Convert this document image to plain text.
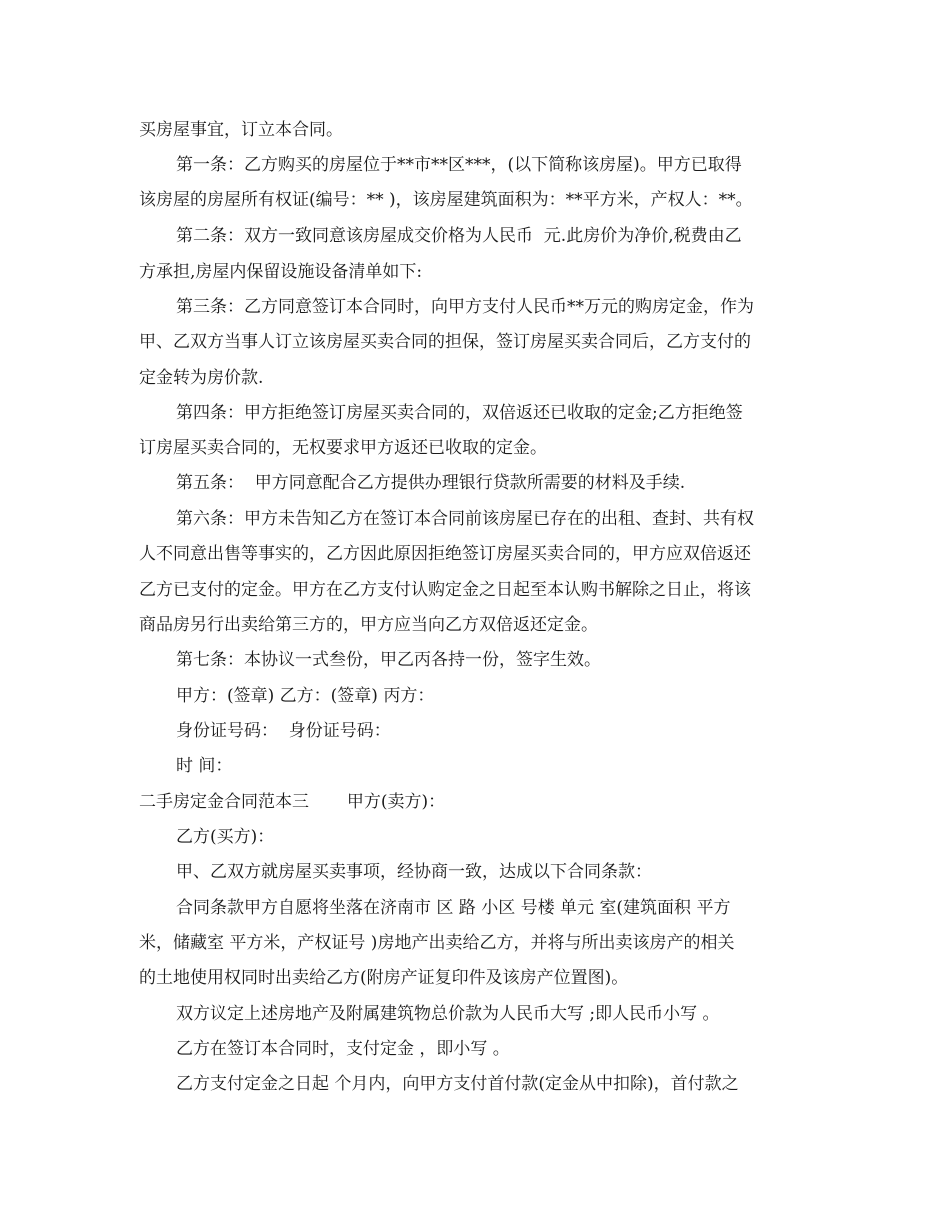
买房屋事宜，订立本合同。
第一条：乙方购买的房屋位于**市**区***，(以下简称该房屋)。甲方已取得
该房屋的房屋所有权证(编号：** )，该房屋建筑面积为：**平方米，产权人：**。
第二条：双方一致同意该房屋成交价格为人民币  元.此房价为净价,税费由乙
方承担,房屋内保留设施设备清单如下:
第三条：乙方同意签订本合同时，向甲方支付人民币**万元的购房定金，作为
甲、乙双方当事人订立该房屋买卖合同的担保，签订房屋买卖合同后，乙方支付的
定金转为房价款.
第四条：甲方拒绝签订房屋买卖合同的，双倍返还已收取的定金;乙方拒绝签
订房屋买卖合同的，无权要求甲方返还已收取的定金。
第五条：  甲方同意配合乙方提供办理银行贷款所需要的材料及手续.
第六条：甲方未告知乙方在签订本合同前该房屋已存在的出租、查封、共有权
人不同意出售等事实的，乙方因此原因拒绝签订房屋买卖合同的，甲方应双倍返还
乙方已支付的定金。甲方在乙方支付认购定金之日起至本认购书解除之日止，将该
商品房另行出卖给第三方的，甲方应当向乙方双倍返还定金。
第七条：本协议一式叁份，甲乙丙各持一份，签字生效。
甲方：(签章) 乙方：(签章) 丙方：
身份证号码：  身份证号码：
时 间：
二手房定金合同范本三       甲方(卖方)：
乙方(买方)：
甲、乙双方就房屋买卖事项，经协商一致，达成以下合同条款：
合同条款甲方自愿将坐落在济南市 区 路 小区 号楼 单元 室(建筑面积 平方
米，储藏室 平方米，产权证号 )房地产出卖给乙方，并将与所出卖该房产的相关
的土地使用权同时出卖给乙方(附房产证复印件及该房产位置图)。
双方议定上述房地产及附属建筑物总价款为人民币大写 ;即人民币小写 。
乙方在签订本合同时，支付定金 ，即小写 。
乙方支付定金之日起 个月内，向甲方支付首付款(定金从中扣除)，首付款之
